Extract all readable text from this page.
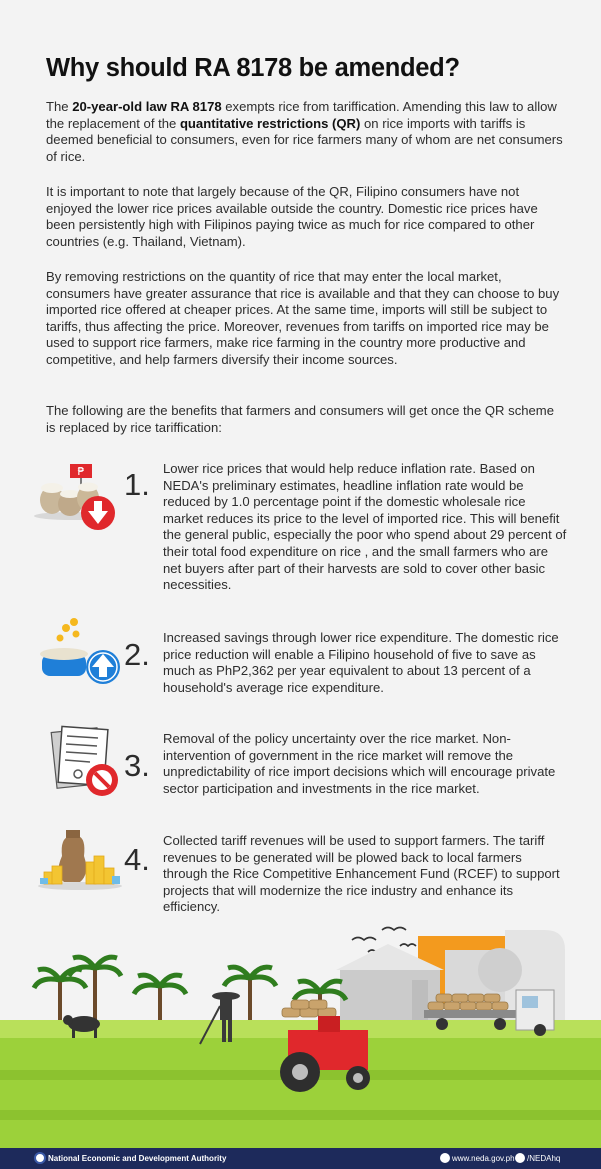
Why should RA 8178 be amended?
The 20-year-old law RA 8178 exempts rice from tariffication. Amending this law to allow the replacement of the quantitative restrictions (QR) on rice imports with tariffs is deemed beneficial to consumers, even for rice farmers many of whom are net consumers of rice.
It is important to note that largely because of the QR, Filipino consumers have not enjoyed the lower rice prices available outside the country. Domestic rice prices have been persistently high with Filipinos paying twice as much for rice compared to other countries (e.g. Thailand, Vietnam).
By removing restrictions on the quantity of rice that may enter the local market, consumers have greater assurance that rice is available and that they can choose to buy imported rice offered at cheaper prices. At the same time, imports will still be subject to tariffs, thus affecting the price. Moreover, revenues from tariffs on imported rice may be used to support rice farmers, make rice farming in the country more productive and competitive, and help farmers diversify their income sources.
The following are the benefits that farmers and consumers will get once the QR scheme is replaced by rice tariffication:
₱ 1. Lower rice prices that would help reduce inflation rate. Based on NEDA's preliminary estimates, headline inflation rate would be reduced by 1.0 percentage point if the domestic wholesale rice market reduces its price to the level of imported rice. This will benefit the general public, especially the poor who spend about 29 percent of their total food expenditure on rice , and the small farmers who are net buyers after part of their harvests are sold to cover other basic necessities.
2. Increased savings through lower rice expenditure. The domestic rice price reduction will enable a Filipino household of five to save as much as PhP2,362 per year equivalent to about 13 percent of a household's average rice expenditure.
3.
Removal of the policy uncertainty over the rice market. Non-intervention of government in the rice market will remove the unpredictability of rice import decisions which will encourage private sector participation and investments in the rice market.
4.
Collected tariff revenues will be used to support farmers. The tariff revenues to be generated will be plowed back to local farmers through the Rice Competitive Enhancement Fund (RCEF) to support projects that will modernize the rice industry and enhance its efficiency.
National Economic and Development Authority	www.neda.gov.ph /NEDAhq
